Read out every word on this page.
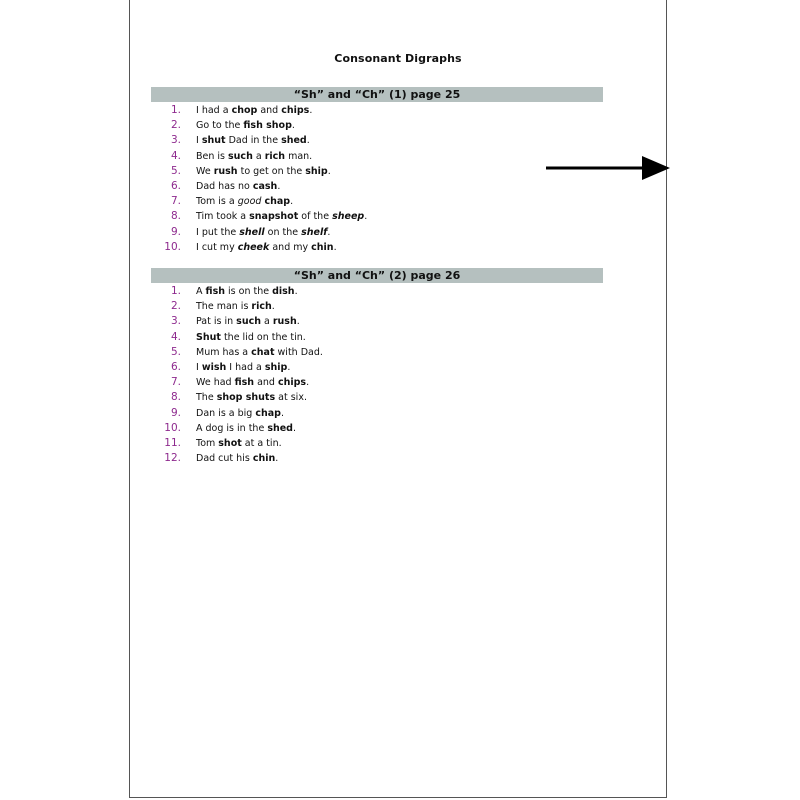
Consonant Digraphs
“Sh” and “Ch” (1) page 25
1. I had a chop and chips.
2. Go to the fish shop.
3. I shut Dad in the shed.
4. Ben is such a rich man.
5. We rush to get on the ship.
6. Dad has no cash.
7. Tom is a good chap.
8. Tim took a snapshot of the sheep.
9. I put the shell on the shelf.
10. I cut my cheek and my chin.
“Sh” and “Ch” (2) page 26
1. A fish is on the dish.
2. The man is rich.
3. Pat is in such a rush.
4. Shut the lid on the tin.
5. Mum has a chat with Dad.
6. I wish I had a ship.
7. We had fish and chips.
8. The shop shuts at six.
9. Dan is a big chap.
10. A dog is in the shed.
11. Tom shot at a tin.
12. Dad cut his chin.
